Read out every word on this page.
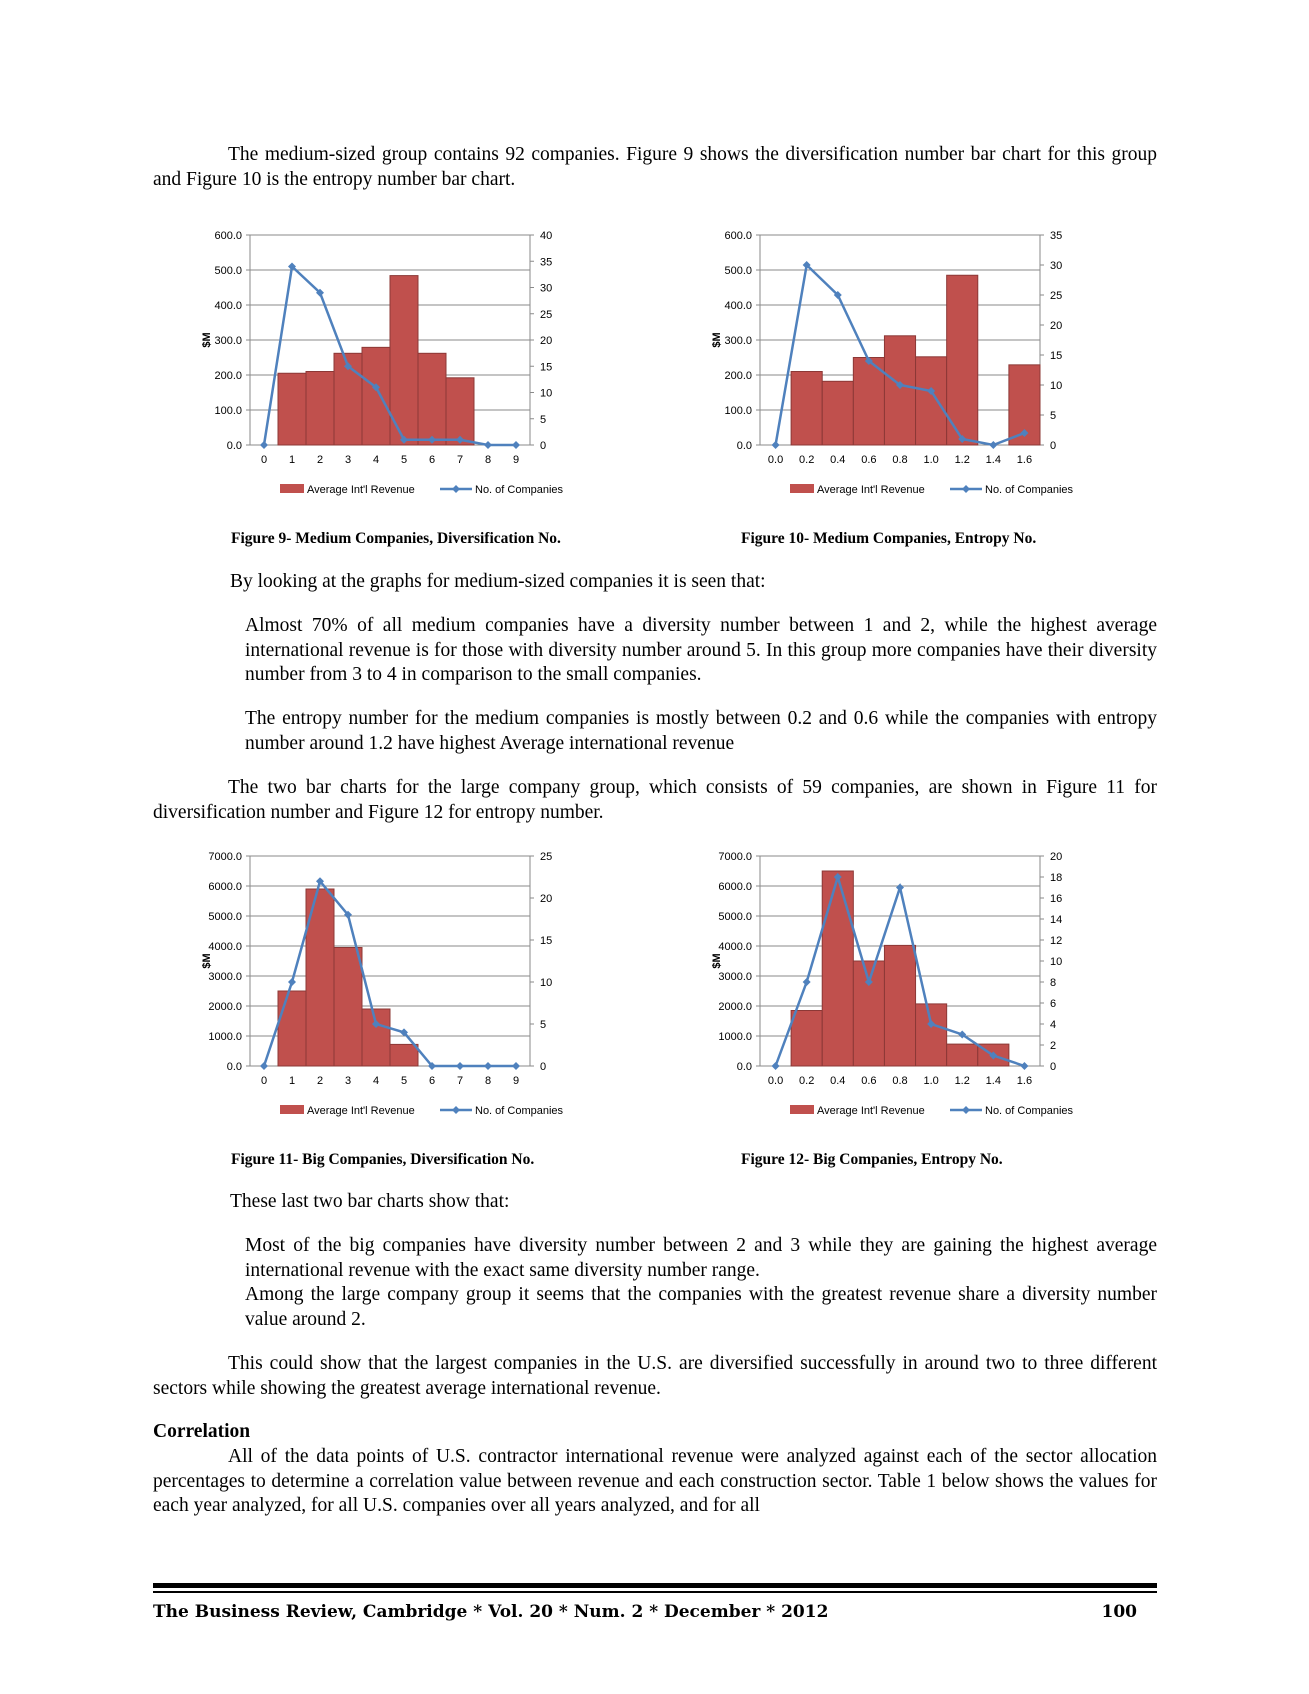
The medium-sized group contains 92 companies. Figure 9 shows the diversification number bar chart for this group and Figure 10 is the entropy number bar chart.

0.0
100.0
200.0
300.0
400.0
500.0
600.0
0
5
10
15
20
25
30
35
40
$M
0 1 2 3 4 5 6 7 8 9
Average Int'l Revenue	No. of Companies
0.0
100.0
200.0
300.0
400.0
500.0
600.0
0
5
10
15
20
25
30
35
$M
0.0 0.2 0.4 0.6 0.8 1.0 1.2 1.4 1.6
Average Int'l Revenue	No. of Companies
Figure 9- Medium Companies, Diversification No.	Figure 10- Medium Companies, Entropy No.

By looking at the graphs for medium-sized companies it is seen that:

Almost 70% of all medium companies have a diversity number between 1 and 2, while the highest average international revenue is for those with diversity number around 5. In this group more companies have their diversity number from 3 to 4 in comparison to the small companies.

The entropy number for the medium companies is mostly between 0.2 and 0.6 while the companies with entropy number around 1.2 have highest Average international revenue

The two bar charts for the large company group, which consists of 59 companies, are shown in Figure 11 for diversification number and Figure 12 for entropy number.

0.0
1000.0
2000.0
3000.0
4000.0
5000.0
6000.0
7000.0
0
5
10
15
20
25
$M
0 1 2 3 4 5 6 7 8 9
Average Int'l Revenue	No. of Companies
0.0
1000.0
2000.0
3000.0
4000.0
5000.0
6000.0
7000.0
0
2
4
6
8
10
12
14
16
18
20
$M
0.0 0.2 0.4 0.6 0.8 1.0 1.2 1.4 1.6
Average Int'l Revenue	No. of Companies
Figure 11- Big Companies, Diversification No.	Figure 12- Big Companies, Entropy No.

These last two bar charts show that:

Most of the big companies have diversity number between 2 and 3 while they are gaining the highest average international revenue with the exact same diversity number range.

Among the large company group it seems that the companies with the greatest revenue share a diversity number value around 2.

This could show that the largest companies in the U.S. are diversified successfully in around two to three different sectors while showing the greatest average international revenue.

Correlation

All of the data points of U.S. contractor international revenue were analyzed against each of the sector allocation percentages to determine a correlation value between revenue and each construction sector. Table 1 below shows the values for each year analyzed, for all U.S. companies over all years analyzed, and for all

The Business Review, Cambridge * Vol. 20 * Num. 2 * December * 2012	100
